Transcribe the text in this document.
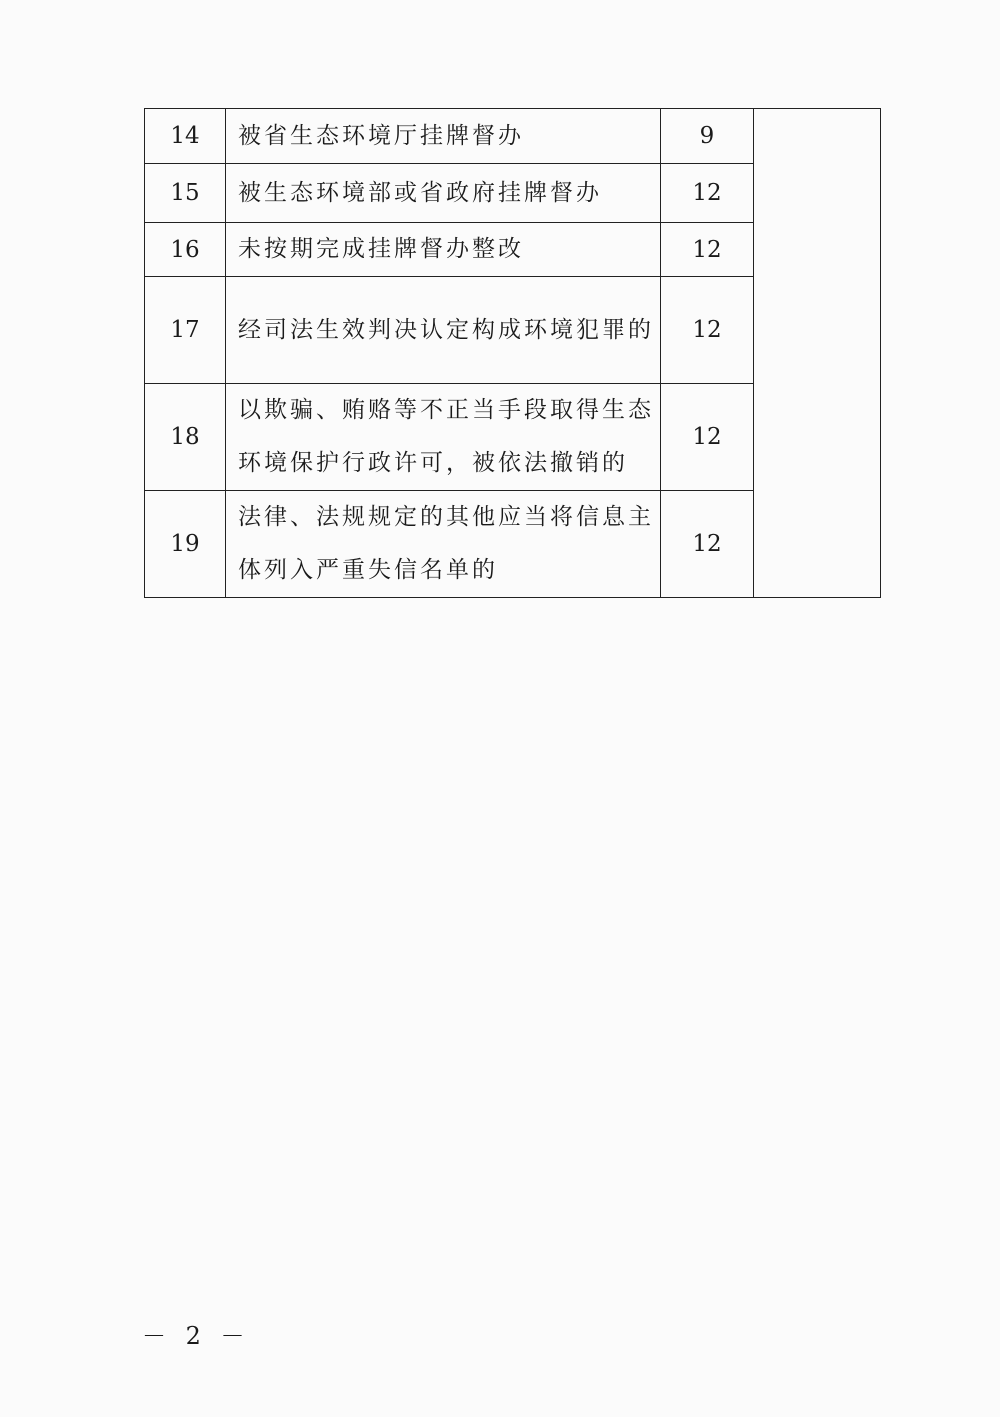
14	被省生态环境厅挂牌督办	9	
15	被生态环境部或省政府挂牌督办	12	
16	未按期完成挂牌督办整改	12	
17	经司法生效判决认定构成环境犯罪的	12	
18	以欺骗、贿赂等不正当手段取得生态环境保护行政许可，被依法撤销的	12	
19	法律、法规规定的其他应当将信息主体列入严重失信名单的	12	
－ 2 －
